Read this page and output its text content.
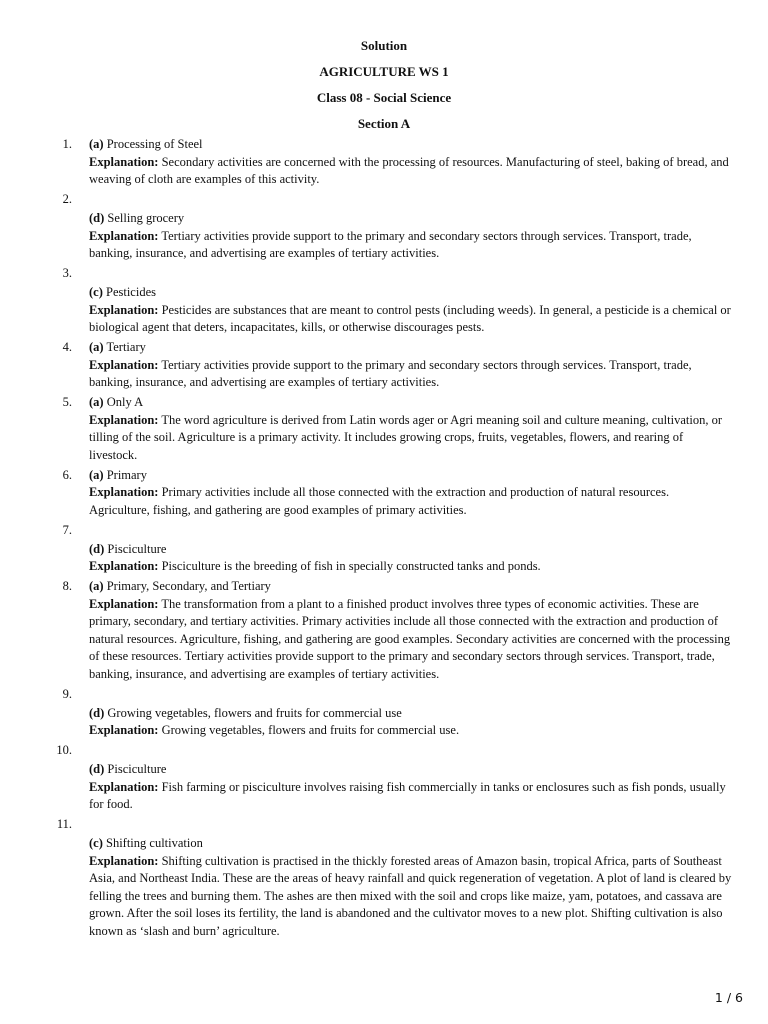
Solution
AGRICULTURE WS 1
Class 08 - Social Science
Section A
1. (a) Processing of Steel
Explanation: Secondary activities are concerned with the processing of resources. Manufacturing of steel, baking of bread, and weaving of cloth are examples of this activity.
2.
(d) Selling grocery
Explanation: Tertiary activities provide support to the primary and secondary sectors through services. Transport, trade, banking, insurance, and advertising are examples of tertiary activities.
3.
(c) Pesticides
Explanation: Pesticides are substances that are meant to control pests (including weeds). In general, a pesticide is a chemical or biological agent that deters, incapacitates, kills, or otherwise discourages pests.
4. (a) Tertiary
Explanation: Tertiary activities provide support to the primary and secondary sectors through services. Transport, trade, banking, insurance, and advertising are examples of tertiary activities.
5. (a) Only A
Explanation: The word agriculture is derived from Latin words ager or Agri meaning soil and culture meaning, cultivation, or tilling of the soil. Agriculture is a primary activity. It includes growing crops, fruits, vegetables, flowers, and rearing of livestock.
6. (a) Primary
Explanation: Primary activities include all those connected with the extraction and production of natural resources. Agriculture, fishing, and gathering are good examples of primary activities.
7.
(d) Pisciculture
Explanation: Pisciculture is the breeding of fish in specially constructed tanks and ponds.
8. (a) Primary, Secondary, and Tertiary
Explanation: The transformation from a plant to a finished product involves three types of economic activities. These are primary, secondary, and tertiary activities. Primary activities include all those connected with the extraction and production of natural resources. Agriculture, fishing, and gathering are good examples. Secondary activities are concerned with the processing of these resources. Tertiary activities provide support to the primary and secondary sectors through services. Transport, trade, banking, insurance, and advertising are examples of tertiary activities.
9.
(d) Growing vegetables, flowers and fruits for commercial use
Explanation: Growing vegetables, flowers and fruits for commercial use.
10.
(d) Pisciculture
Explanation: Fish farming or pisciculture involves raising fish commercially in tanks or enclosures such as fish ponds, usually for food.
11.
(c) Shifting cultivation
Explanation: Shifting cultivation is practised in the thickly forested areas of Amazon basin, tropical Africa, parts of Southeast Asia, and Northeast India. These are the areas of heavy rainfall and quick regeneration of vegetation. A plot of land is cleared by felling the trees and burning them. The ashes are then mixed with the soil and crops like maize, yam, potatoes, and cassava are grown. After the soil loses its fertility, the land is abandoned and the cultivator moves to a new plot. Shifting cultivation is also known as ‘slash and burn’ agriculture.
1 / 6
